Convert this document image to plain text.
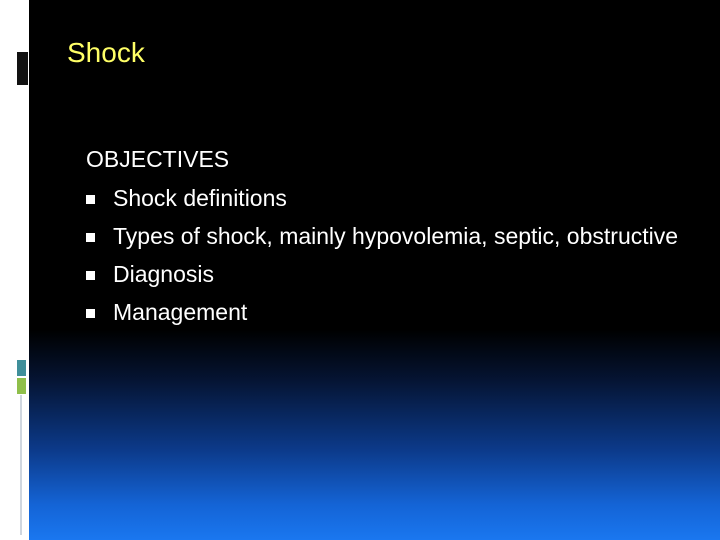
Shock
OBJECTIVES
Shock definitions
Types of shock, mainly hypovolemia, septic, obstructive
Diagnosis
Management
